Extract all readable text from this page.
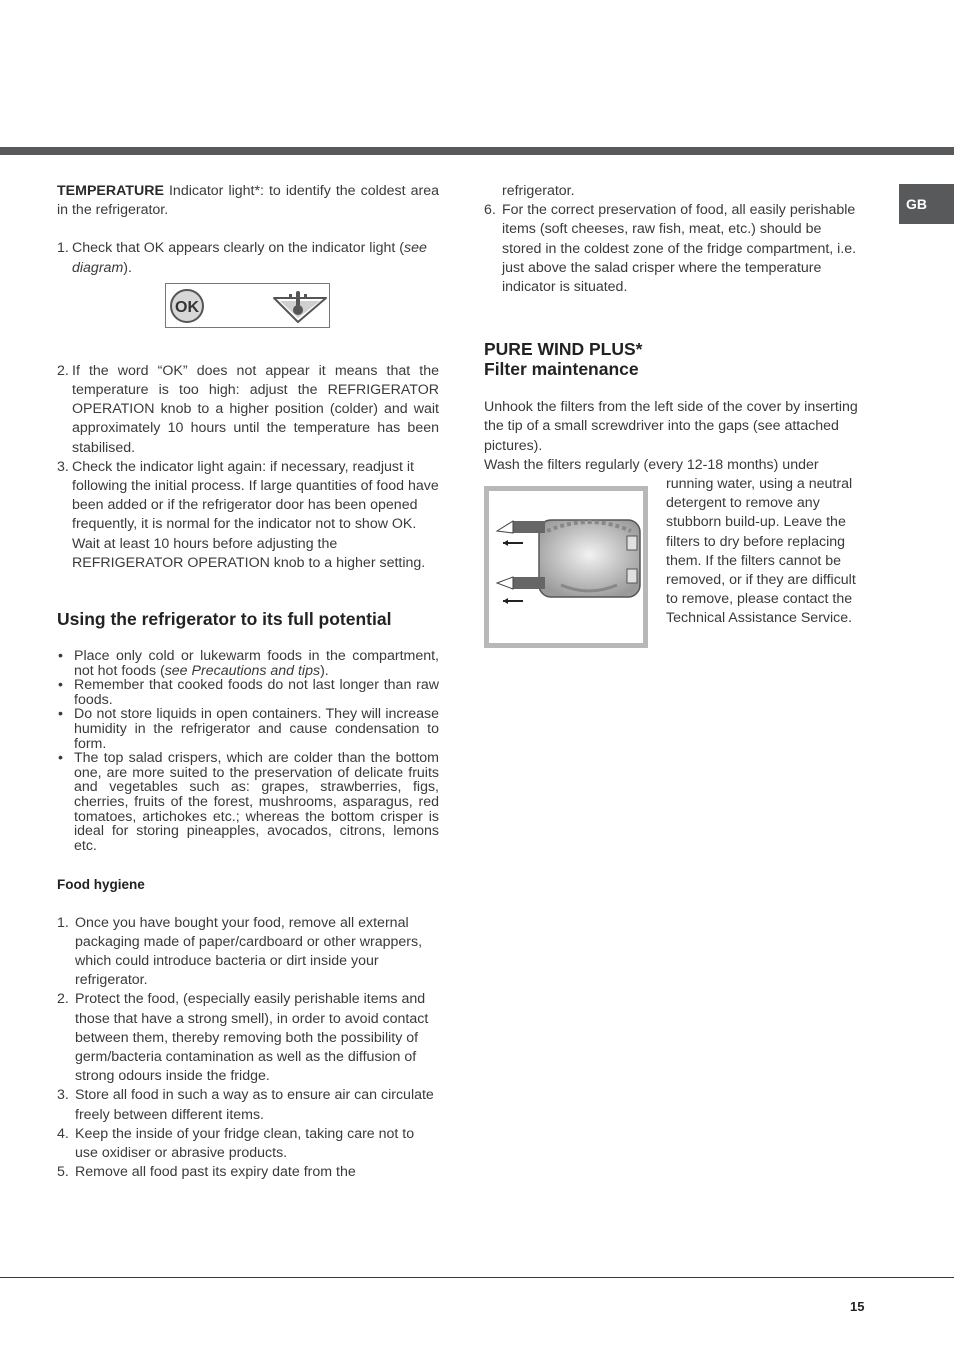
GB

TEMPERATURE Indicator light*: to identify the coldest area in the refrigerator.

1. Check that OK appears clearly on the indicator light (see diagram).
OK
2. If the word “OK” does not appear it means that the temperature is too high: adjust the REFRIGERATOR OPERATION knob to a higher position (colder) and wait approximately 10 hours until the temperature has been stabilised.
3. Check the indicator light again: if necessary, readjust it following the initial process. If large quantities of food have been added or if the refrigerator door has been opened frequently, it is normal for the indicator not to show OK. Wait at least 10 hours before adjusting the REFRIGERATOR OPERATION knob to a higher setting.
Using the refrigerator to its full potential
• Place only cold or lukewarm foods in the compartment, not hot foods (see Precautions and tips).
• Remember that cooked foods do not last longer than raw foods.
• Do not store liquids in open containers. They will increase humidity in the refrigerator and cause condensation to form.
• The top salad crispers, which are colder than the bottom one, are more suited to the preservation of delicate fruits and vegetables such as: grapes, strawberries, figs, cherries, fruits of the forest, mushrooms, asparagus, red tomatoes, artichokes etc.; whereas the bottom crisper is ideal for storing pineapples, avocados, citrons, lemons etc.
Food hygiene
1. Once you have bought your food, remove all external packaging made of paper/cardboard or other wrappers, which could introduce bacteria or dirt inside your refrigerator.
2. Protect the food, (especially easily perishable items and those that have a strong smell), in order to avoid contact between them, thereby removing both the possibility of germ/bacteria contamination as well as the diffusion of strong odours inside the fridge.
3. Store all food in such a way as to ensure air can circulate freely between different items.
4. Keep the inside of your fridge clean, taking care not to use oxidiser or abrasive products.
5. Remove all food past its expiry date from the
refrigerator.
6. For the correct preservation of food, all easily perishable items (soft cheeses, raw fish, meat, etc.) should be stored in the coldest zone of the fridge compartment, i.e. just above the salad crisper where the temperature indicator is situated.
PURE WIND PLUS*
Filter maintenance

Unhook the filters from the left side of the cover by inserting the tip of a small screwdriver into the gaps (see attached pictures).

Wash the filters regularly (every 12-18 months) under

running water, using a neutral detergent to remove any stubborn build-up. Leave the filters to dry before replacing them. If the filters cannot be removed, or if they are difficult to remove, please contact the Technical Assistance Service.

15
